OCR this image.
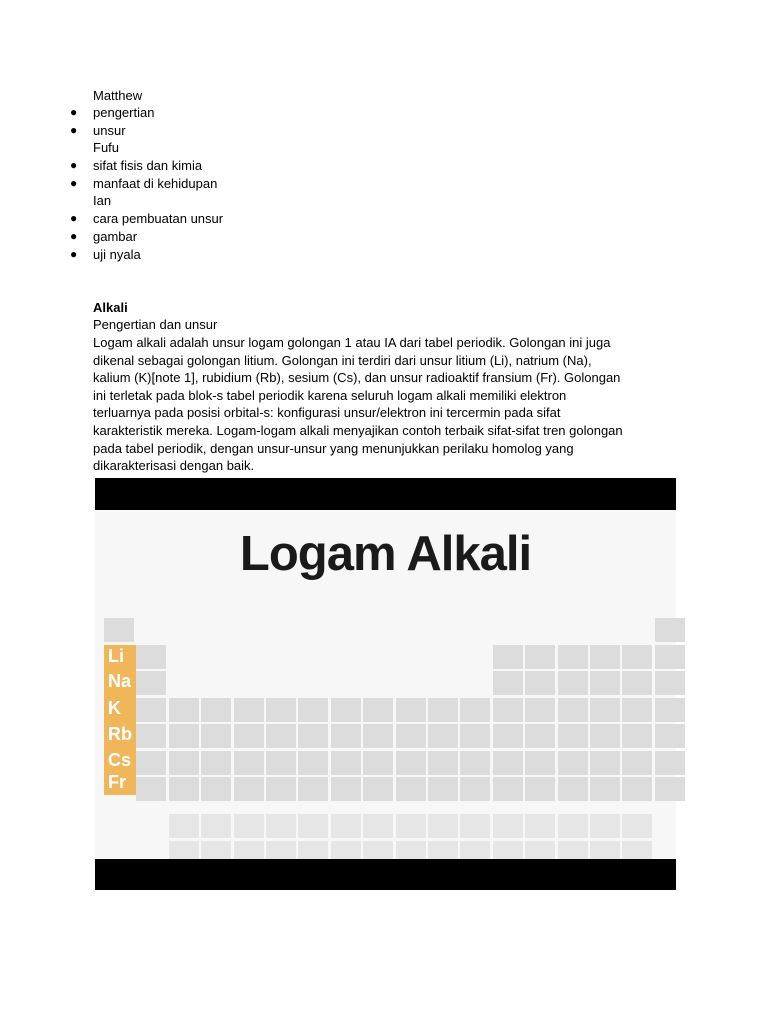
Matthew
● pengertian
● unsur
Fufu
● sifat fisis dan kimia
● manfaat di kehidupan
Ian
● cara pembuatan unsur
● gambar
● uji nyala
Alkali
Pengertian dan unsur
Logam alkali adalah unsur logam golongan 1 atau IA dari tabel periodik. Golongan ini juga
dikenal sebagai golongan litium. Golongan ini terdiri dari unsur litium (Li), natrium (Na),
kalium (K)[note 1], rubidium (Rb), sesium (Cs), dan unsur radioaktif fransium (Fr). Golongan
ini terletak pada blok-s tabel periodik karena seluruh logam alkali memiliki elektron
terluarnya pada posisi orbital-s: konfigurasi unsur/elektron ini tercermin pada sifat
karakteristik mereka. Logam-logam alkali menyajikan contoh terbaik sifat-sifat tren golongan
pada tabel periodik, dengan unsur-unsur yang menunjukkan perilaku homolog yang
dikarakterisasi dengan baik.
Logam Alkali
Li
Na
K
Rb
Cs
Fr
